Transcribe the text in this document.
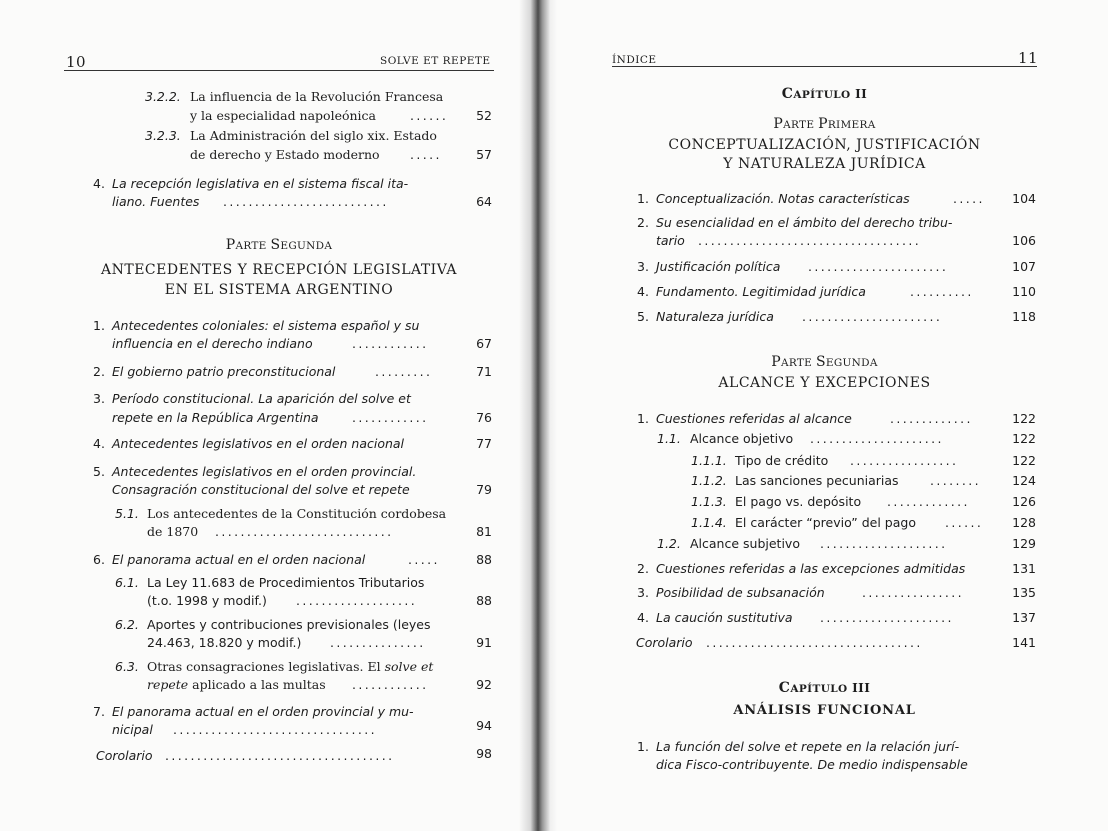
10	SOLVE ET REPETE
3.2.2. La influencia de la Revolución Francesa
y la especialidad napoleónica	......	52
3.2.3. La Administración del siglo xix. Estado
de derecho y Estado moderno .....	57
4. La recepción legislativa en el sistema fiscal ita-
liano. Fuentes ..........................	64
PARTE SEGUNDA
ANTECEDENTES Y RECEPCIÓN LEGISLATIVA
EN EL SISTEMA ARGENTINO
1. Antecedentes coloniales: el sistema español y su
influencia en el derecho indiano	............	67
2. El gobierno patrio preconstitucional	.........	71
3. Período constitucional. La aparición del solve et
repete en la República Argentina	............	76
4. Antecedentes legislativos en el orden nacional	77
5. Antecedentes legislativos en el orden provincial.
Consagración constitucional del solve et repete	79
5.1. Los antecedentes de la Constitución cordobesa
de 1870 ............................	81
6. El panorama actual en el orden nacional	.....	88
6.1. La Ley 11.683 de Procedimientos Tributarios
(t.o. 1998 y modif.) ...................	88
6.2. Aportes y contribuciones previsionales (leyes
24.463, 18.820 y modif.) ...............	91
6.3. Otras consagraciones legislativas. El solve et
repete aplicado a las multas ............	92
7. El panorama actual en el orden provincial y mu-
nicipal ................................	94
Corolario ....................................	98
ÍNDICE	11
CAPÍTULO II
PARTE PRIMERA
CONCEPTUALIZACIÓN, JUSTIFICACIÓN
Y NATURALEZA JURÍDICA
1. Conceptualización. Notas características	.....	104
2. Su esencialidad en el ámbito del derecho tribu-
tario ...................................	106
3. Justificación política ......................	107
4. Fundamento. Legitimidad jurídica	..........	110
5. Naturaleza jurídica ......................	118
PARTE SEGUNDA
ALCANCE Y EXCEPCIONES
1. Cuestiones referidas al alcance	.............	122
1.1. Alcance objetivo .....................	122
1.1.1. Tipo de crédito .................	122
1.1.2. Las sanciones pecuniarias	........	124
1.1.3. El pago vs. depósito .............	126
1.1.4. El carácter “previo” del pago ......	128
1.2. Alcance subjetivo ....................	129
2. Cuestiones referidas a las excepciones admitidas	131
3. Posibilidad de subsanación	................	135
4. La caución sustitutiva .....................	137
Corolario ..................................	141
CAPÍTULO III
ANÁLISIS FUNCIONAL
1. La función del solve et repete en la relación jurí-
dica Fisco-contribuyente. De medio indispensable
